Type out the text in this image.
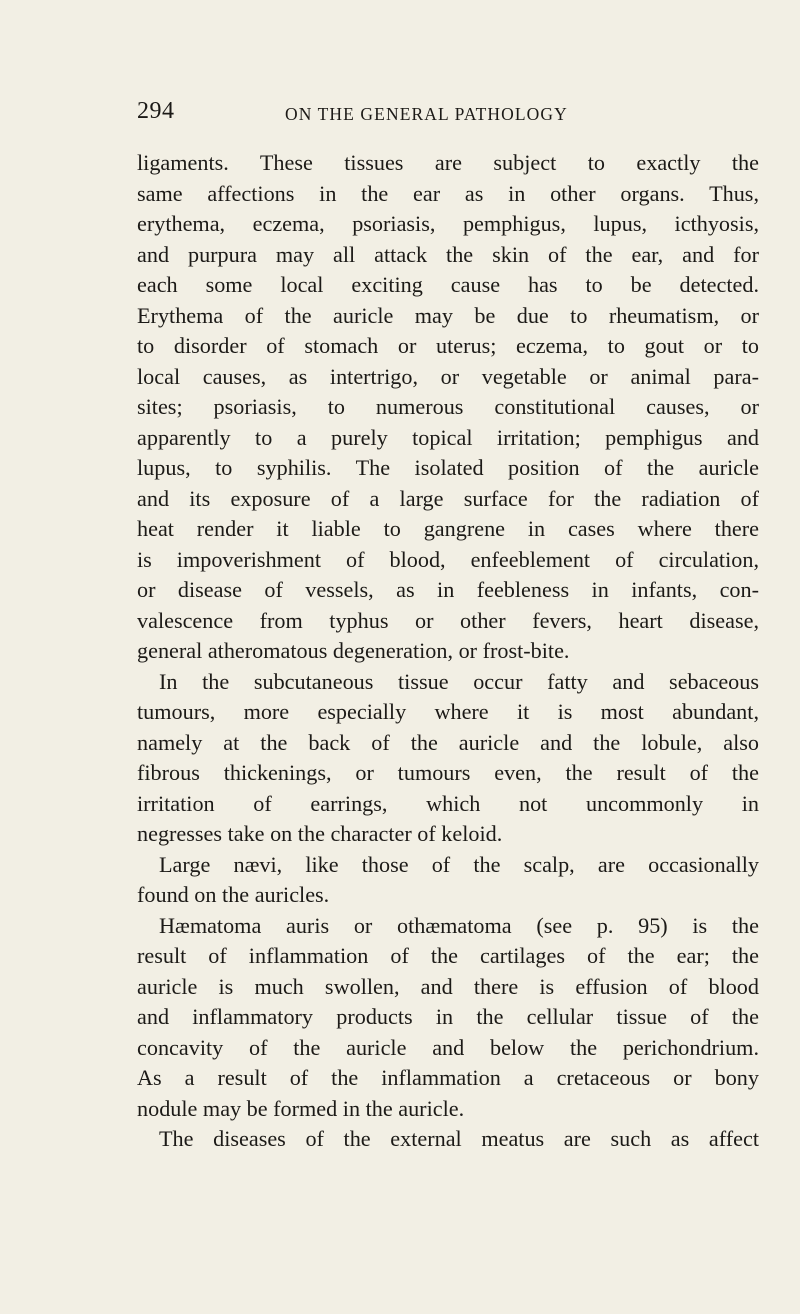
294	ON THE GENERAL PATHOLOGY
ligaments. These tissues are subject to exactly the
same affections in the ear as in other organs. Thus,
erythema, eczema, psoriasis, pemphigus, lupus, icthyosis,
and purpura may all attack the skin of the ear, and for
each some local exciting cause has to be detected.
Erythema of the auricle may be due to rheumatism, or
to disorder of stomach or uterus; eczema, to gout or to
local causes, as intertrigo, or vegetable or animal para-
sites; psoriasis, to numerous constitutional causes, or
apparently to a purely topical irritation; pemphigus and
lupus, to syphilis. The isolated position of the auricle
and its exposure of a large surface for the radiation of
heat render it liable to gangrene in cases where there
is impoverishment of blood, enfeeblement of circulation,
or disease of vessels, as in feebleness in infants, con-
valescence from typhus or other fevers, heart disease,
general atheromatous degeneration, or frost-bite.
In the subcutaneous tissue occur fatty and sebaceous
tumours, more especially where it is most abundant,
namely at the back of the auricle and the lobule, also
fibrous thickenings, or tumours even, the result of the
irritation of earrings, which not uncommonly in
negresses take on the character of keloid.
Large nævi, like those of the scalp, are occasionally
found on the auricles.
Hæmatoma auris or othæmatoma (see p. 95) is the
result of inflammation of the cartilages of the ear; the
auricle is much swollen, and there is effusion of blood
and inflammatory products in the cellular tissue of the
concavity of the auricle and below the perichondrium.
As a result of the inflammation a cretaceous or bony
nodule may be formed in the auricle.
The diseases of the external meatus are such as affect
